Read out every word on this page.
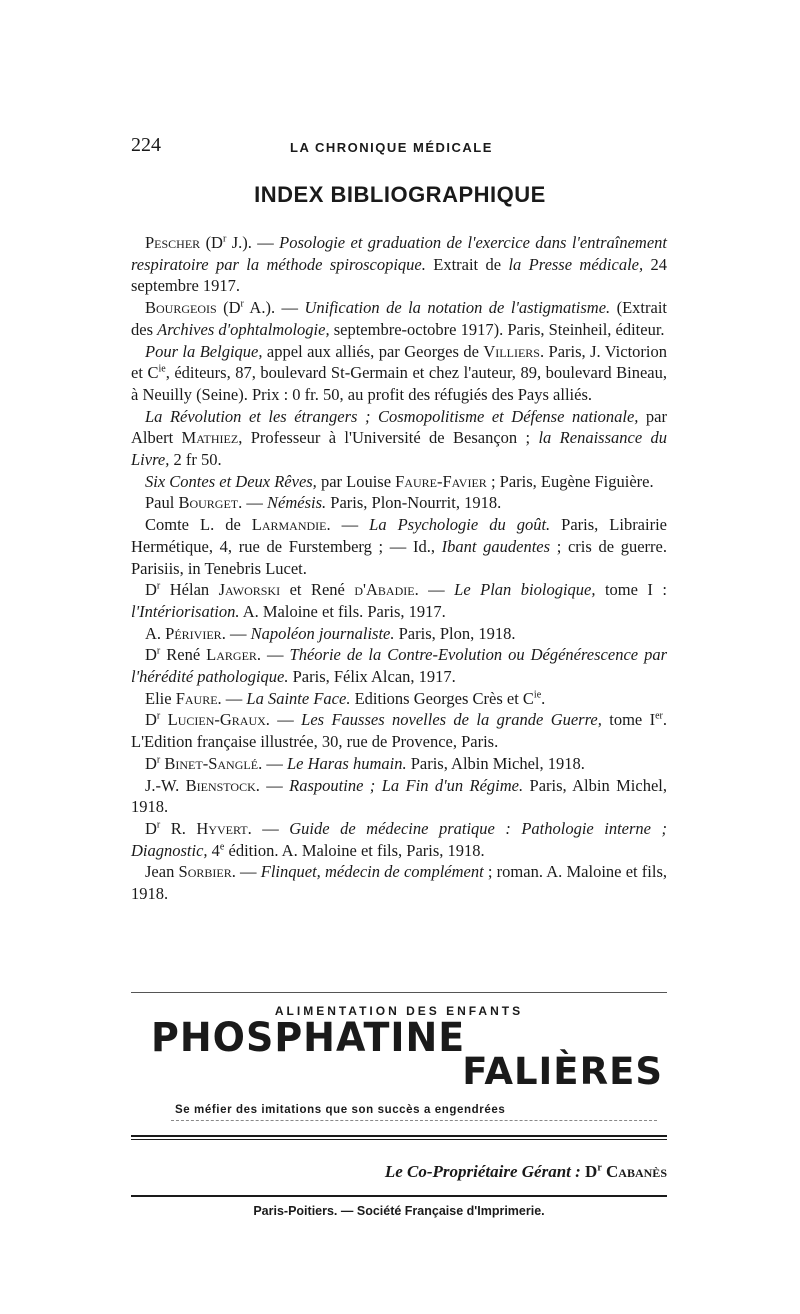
224	LA CHRONIQUE MÉDICALE
INDEX BIBLIOGRAPHIQUE

Pescher ($D^r$ J.). — Posologie et graduation de l'exercice dans l'entraînement respiratoire par la méthode spiroscopique. Extrait de la Presse médicale, 24 septembre 1917.

Bourgeois ($D^r$ A.). — Unification de la notation de l'astigmatisme. (Extrait des Archives d'ophtalmologie, septembre-octobre 1917). Paris, Steinheil, éditeur.

Pour la Belgique, appel aux alliés, par Georges de Villiers. Paris, J. Victorion et $C^{ie}$, éditeurs, 87, boulevard St-Germain et chez l'auteur, 89, boulevard Bineau, à Neuilly (Seine). Prix : 0 fr. 50, au profit des réfugiés des Pays alliés.

La Révolution et les étrangers ; Cosmopolitisme et Défense nationale, par Albert Mathiez, Professeur à l'Université de Besançon ; la Renaissance du Livre, 2 fr 50.

Six Contes et Deux Rêves, par Louise Faure-Favier ; Paris, Eugène Figuière.

Paul Bourget. — Némésis. Paris, Plon-Nourrit, 1918.

Comte L. de Larmandie. — La Psychologie du goût. Paris, Librairie Hermétique, 4, rue de Furstemberg ; — Id., Ibant gaudentes ; cris de guerre. Parisiis, in Tenebris Lucet.

$D^r$ Hélan Jaworski et René d'Abadie. — Le Plan biologique, tome I : l'Intériorisation. A. Maloine et fils. Paris, 1917.

A. Périvier. — Napoléon journaliste. Paris, Plon, 1918.

$D^r$ René Larger. — Théorie de la Contre-Evolution ou Dégénérescence par l'hérédité pathologique. Paris, Félix Alcan, 1917.

Elie Faure. — La Sainte Face. Editions Georges Crès et $C^{ie}$.

$D^r$ Lucien-Graux. — Les Fausses novelles de la grande Guerre, tome Ier. L'Edition française illustrée, 30, rue de Provence, Paris.

$D^r$ Binet-Sanglé. — Le Haras humain. Paris, Albin Michel, 1918.

J.-W. Bienstock. — Raspoutine ; La Fin d'un Régime. Paris, Albin Michel, 1918.

$D^r$ R. Hyvert. — Guide de médecine pratique : Pathologie interne ; Diagnostic, 4e édition. A. Maloine et fils, Paris, 1918.

Jean Sorbier. — Flinquet, médecin de complément ; roman. A. Maloine et fils, 1918.

ALIMENTATION DES ENFANTS
PHOSPHATINE
FALIÈRES
Se méfier des imitations que son succès a engendrées
Le Co-Propriétaire Gérant : $D^r$ Cabanès
Paris-Poitiers. — Société Française d'Imprimerie.
